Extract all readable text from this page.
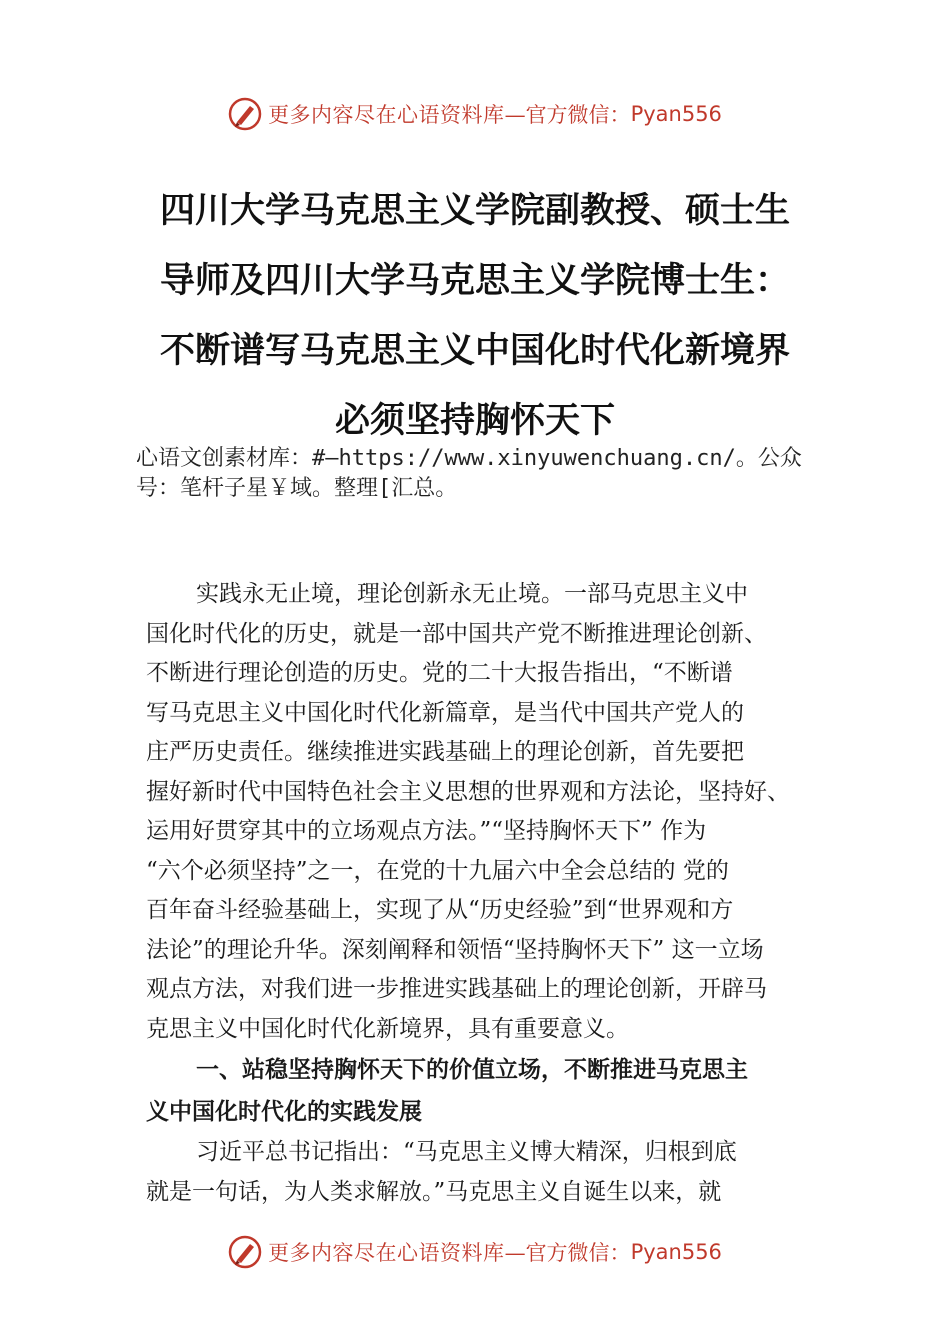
更多内容尽在心语资料库 —官方微信： Pyan556
四川大学马克思主义学院副教授、硕士生
导师及四川大学马克思主义学院博士生：
不断谱写马克思主义中国化时代化新境界
必须坚持胸怀天下
心语文创素材库：#—https://www.xinyuwenchuang.cn/。公众号：笔杆子星￥域。整理[汇总。
实践永无止境，理论创新永无止境。一部马克思主义中
国化时代化的历史，就是一部中国共产党不断推进理论创新、
不断进行理论创造的历史。党的二十大报告指出，“不断谱
写马克思主义中国化时代化新篇章，是当代中国共产党人的
庄严历史责任。继续推进实践基础上的理论创新，首先要把
握好新时代中国特色社会主义思想的世界观和方法论，坚持好、
运用好贯穿其中的立场观点方法。”“坚持胸怀天下” 作为
“六个必须坚持”之一，在党的十九届六中全会总结的 党的
百年奋斗经验基础上，实现了从“历史经验”到“世界观和方
法论”的理论升华。深刻阐释和领悟“坚持胸怀天下” 这一立场
观点方法，对我们进一步推进实践基础上的理论创新，开辟马
克思主义中国化时代化新境界，具有重要意义。
一、站稳坚持胸怀天下的价值立场，不断推进马克思主
义中国化时代化的实践发展
习近平总书记指出：“马克思主义博大精深，归根到底
就是一句话，为人类求解放。”马克思主义自诞生以来，就
更多内容尽在心语资料库 —官方微信： Pyan556
